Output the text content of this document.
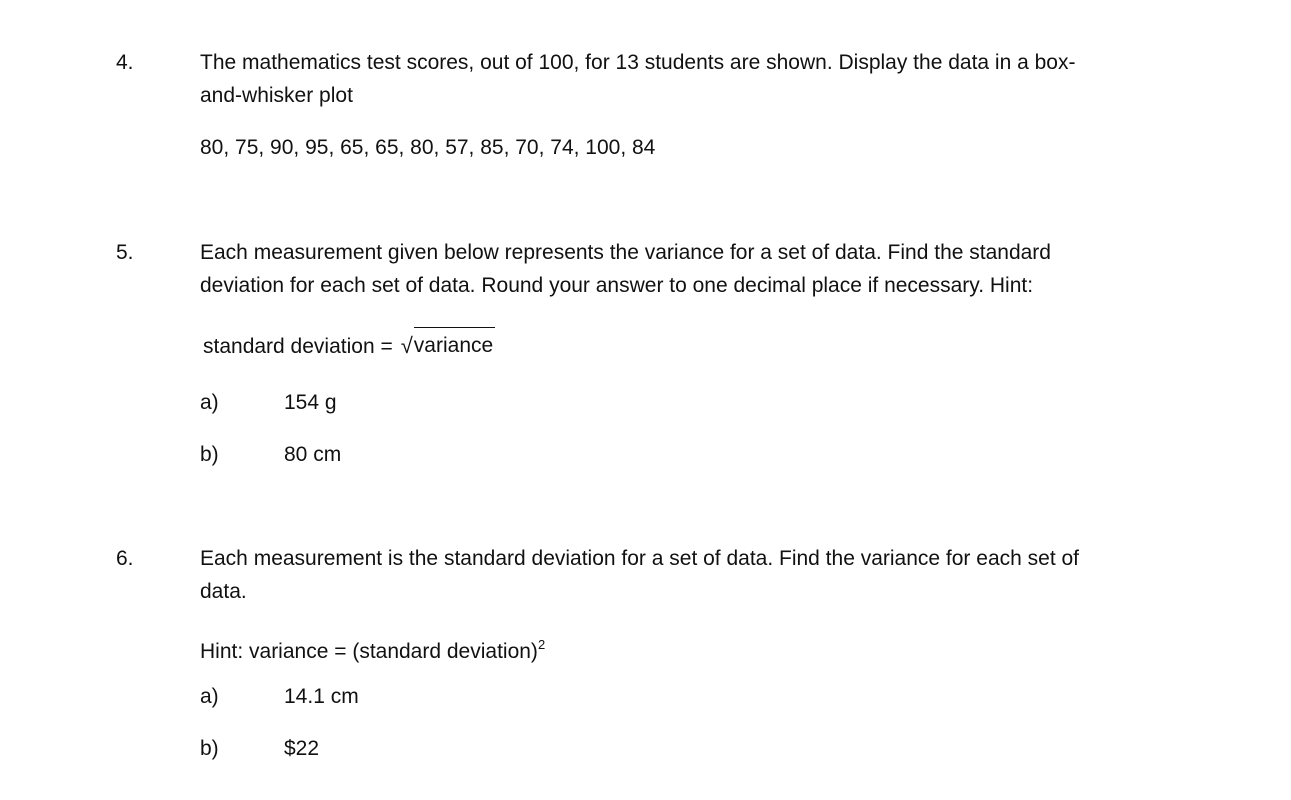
4.	The mathematics test scores, out of 100, for 13 students are shown. Display the data in a box-
and-whisker plot
80, 75, 90, 95, 65, 65, 80, 57, 85, 70, 74, 100, 84
5.	Each measurement given below represents the variance for a set of data. Find the standard
deviation for each set of data. Round your answer to one decimal place if necessary. Hint:
standard deviation = √ variance
a)	154 g
b)	80 cm
6.	Each measurement is the standard deviation for a set of data. Find the variance for each set of
data.
Hint: variance = (standard deviation)$^2$
a)	14.1 cm
b)	$22
